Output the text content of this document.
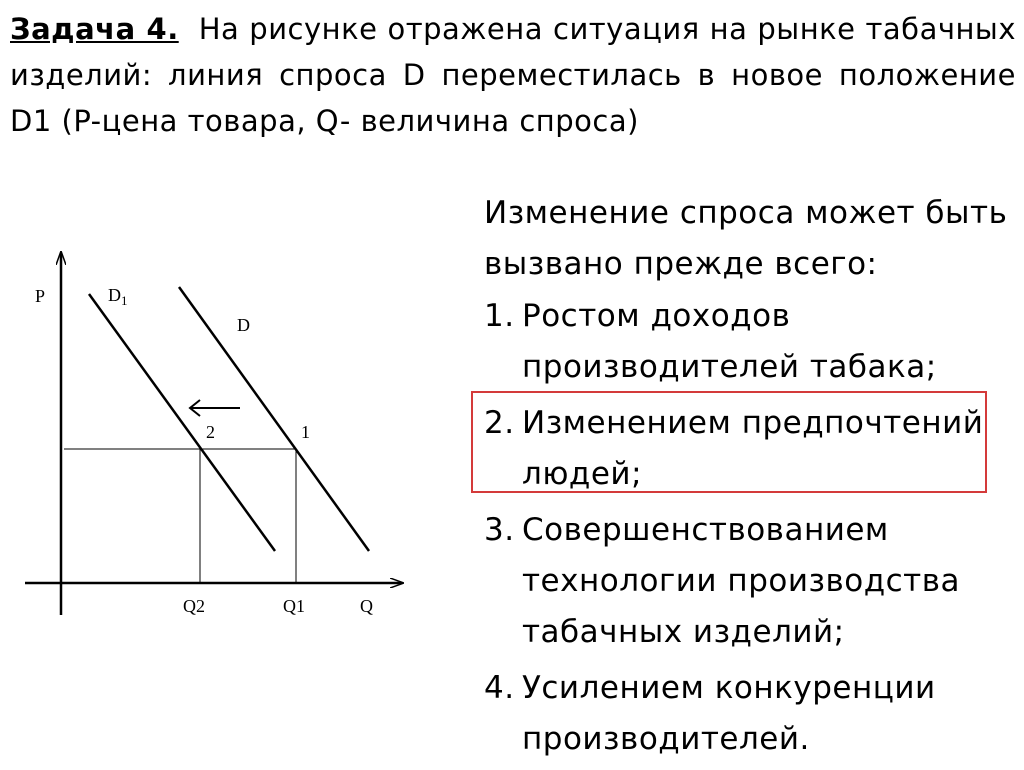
Задача 4. На рисунке отражена ситуация на рынке табачных изделий: линия спроса D переместилась в новое положение D1 (P-цена товара, Q- величина спроса)
P
Q
$D_1$
D
1
2
Q2	Q1
Изменение спроса может быть вызвано прежде всего:
1. Ростом доходов производителей табака;
2. Изменением предпочтений людей;
3. Совершенствованием технологии производства табачных изделий;
4. Усилением конкуренции производителей.
